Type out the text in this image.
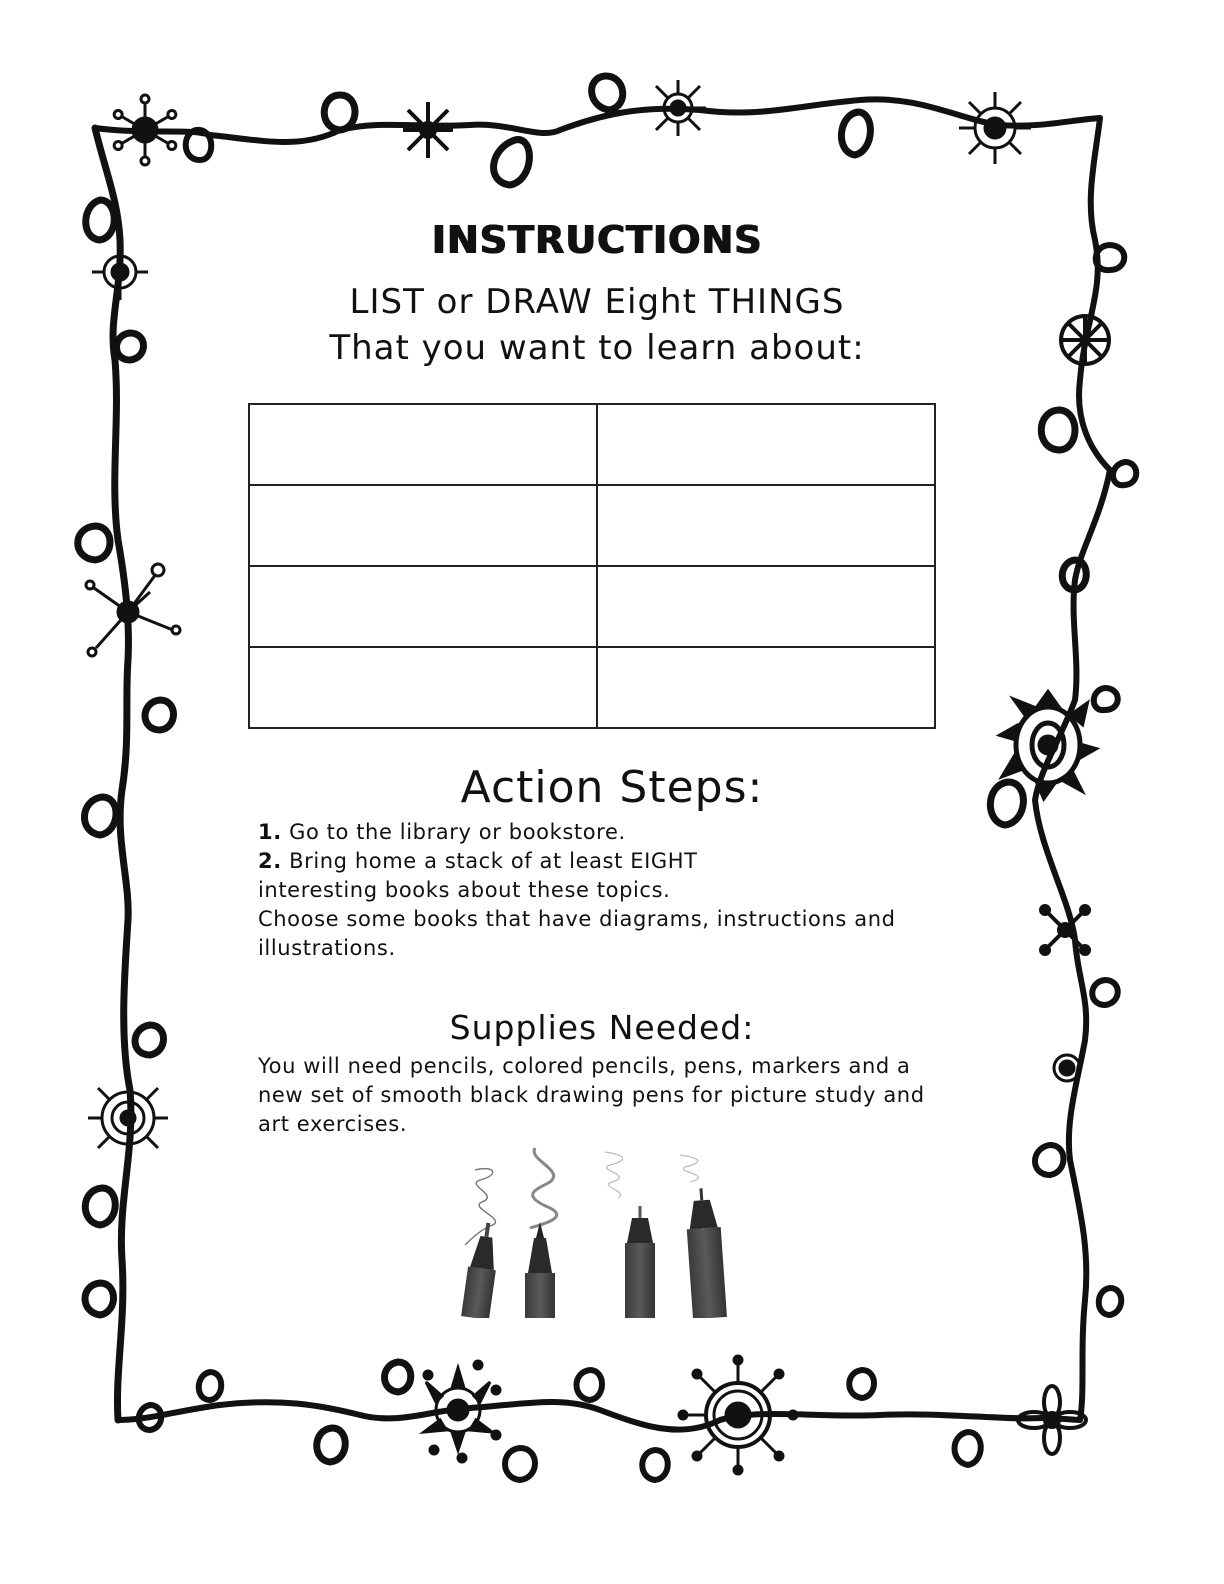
INSTRUCTIONS
LIST or DRAW Eight THINGS
That you want to learn about:
Action Steps:
1. Go to the library or bookstore.
2. Bring home a stack of at least EIGHT
interesting books about these topics.
Choose some books that have diagrams, instructions and
illustrations.
Supplies Needed:
You will need pencils, colored pencils, pens, markers and a
new set of smooth black drawing pens for picture study and
art exercises.
